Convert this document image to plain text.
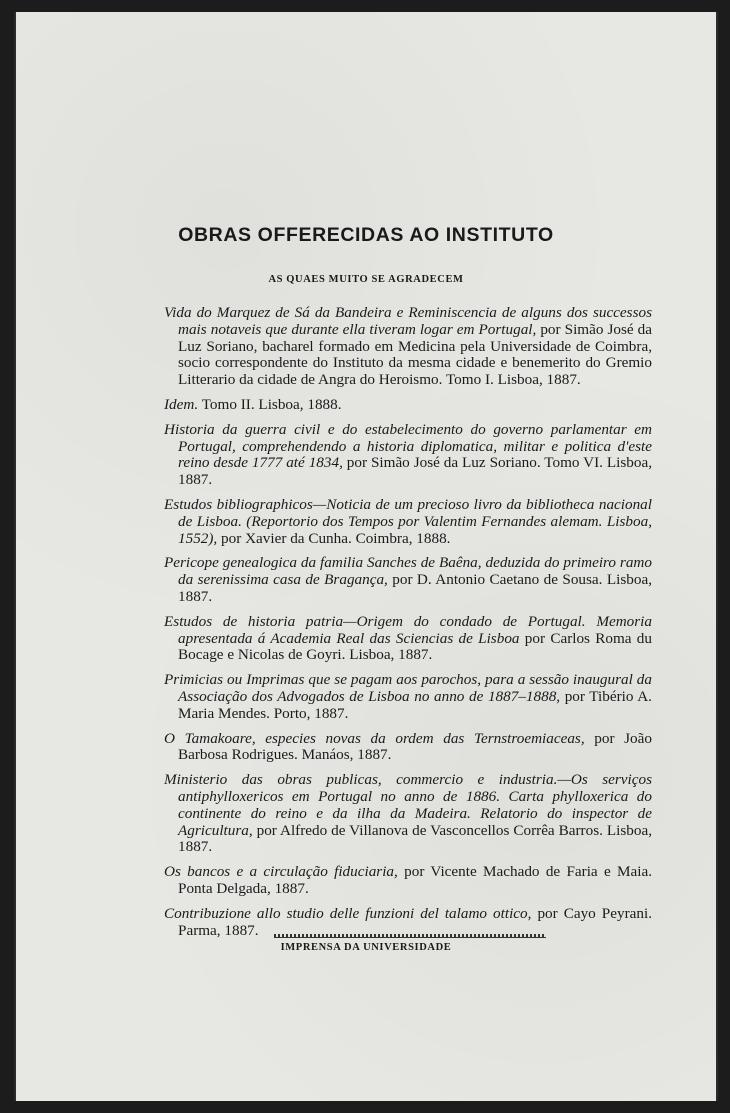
OBRAS OFFERECIDAS AO INSTITUTO
AS QUAES MUITO SE AGRADECEM

Vida do Marquez de Sá da Bandeira e Reminiscencia de alguns dos successos mais notaveis que durante ella tiveram logar em Portugal, por Simão José da Luz Soriano, bacharel formado em Medicina pela Universidade de Coimbra, socio correspondente do Instituto da mesma cidade e benemerito do Gremio Litterario da cidade de Angra do Heroismo. Tomo I. Lisboa, 1887.

Idem. Tomo II. Lisboa, 1888.

Historia da guerra civil e do estabelecimento do governo parlamentar em Portugal, comprehendendo a historia diplomatica, militar e politica d'este reino desde 1777 até 1834, por Simão José da Luz Soriano. Tomo VI. Lisboa, 1887.

Estudos bibliographicos—Noticia de um precioso livro da bibliotheca nacional de Lisboa. (Reportorio dos Tempos por Valentim Fernandes alemam. Lisboa, 1552), por Xavier da Cunha. Coimbra, 1888.

Pericope genealogica da familia Sanches de Baêna, deduzida do primeiro ramo da serenissima casa de Bragança, por D. Antonio Caetano de Sousa. Lisboa, 1887.

Estudos de historia patria—Origem do condado de Portugal. Memoria apresentada á Academia Real das Sciencias de Lisboa por Carlos Roma du Bocage e Nicolas de Goyri. Lisboa, 1887.

Primicias ou Imprimas que se pagam aos parochos, para a sessão inaugural da Associação dos Advogados de Lisboa no anno de 1887–1888, por Tibério A. Maria Mendes. Porto, 1887.

O Tamakoare, especies novas da ordem das Ternstroemiaceas, por João Barbosa Rodrigues. Manáos, 1887.

Ministerio das obras publicas, commercio e industria.—Os serviços antiphylloxericos em Portugal no anno de 1886. Carta phylloxerica do continente do reino e da ilha da Madeira. Relatorio do inspector de Agricultura, por Alfredo de Villanova de Vasconcellos Corrêa Barros. Lisboa, 1887.

Os bancos e a circulação fiduciaria, por Vicente Machado de Faria e Maia. Ponta Delgada, 1887.

Contribuzione allo studio delle funzioni del talamo ottico, por Cayo Peyrani. Parma, 1887.

IMPRENSA DA UNIVERSIDADE
